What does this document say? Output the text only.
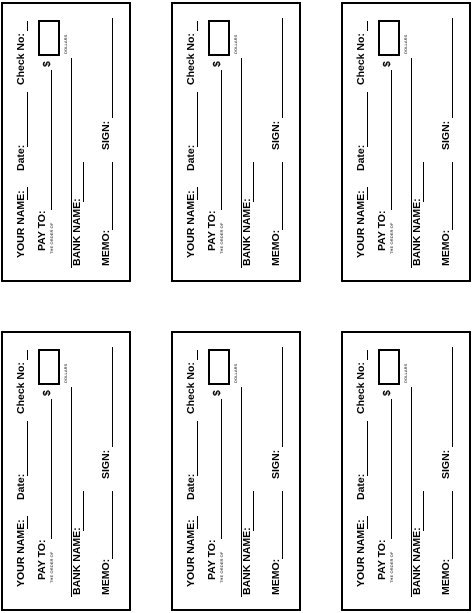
YOUR NAME:
Date:
Check No:
PAY TO: THE ORDER OF
$
DOLLARS
BANK NAME: MEMO:
SIGN:
YOUR NAME:
Date:
Check No:
PAY TO: THE ORDER OF
$
DOLLARS
BANK NAME: MEMO:
SIGN:
YOUR NAME:
Date:
Check No:
PAY TO: THE ORDER OF
$
DOLLARS
BANK NAME: MEMO:
SIGN:
YOUR NAME:
Date:
Check No:
PAY TO: THE ORDER OF
$
DOLLARS
BANK NAME: MEMO:
SIGN:
YOUR NAME:
Date:
Check No:
PAY TO: THE ORDER OF
$
DOLLARS
BANK NAME: MEMO:
SIGN:
YOUR NAME:
Date:
Check No:
PAY TO: THE ORDER OF
$
DOLLARS
BANK NAME: MEMO:
SIGN:
